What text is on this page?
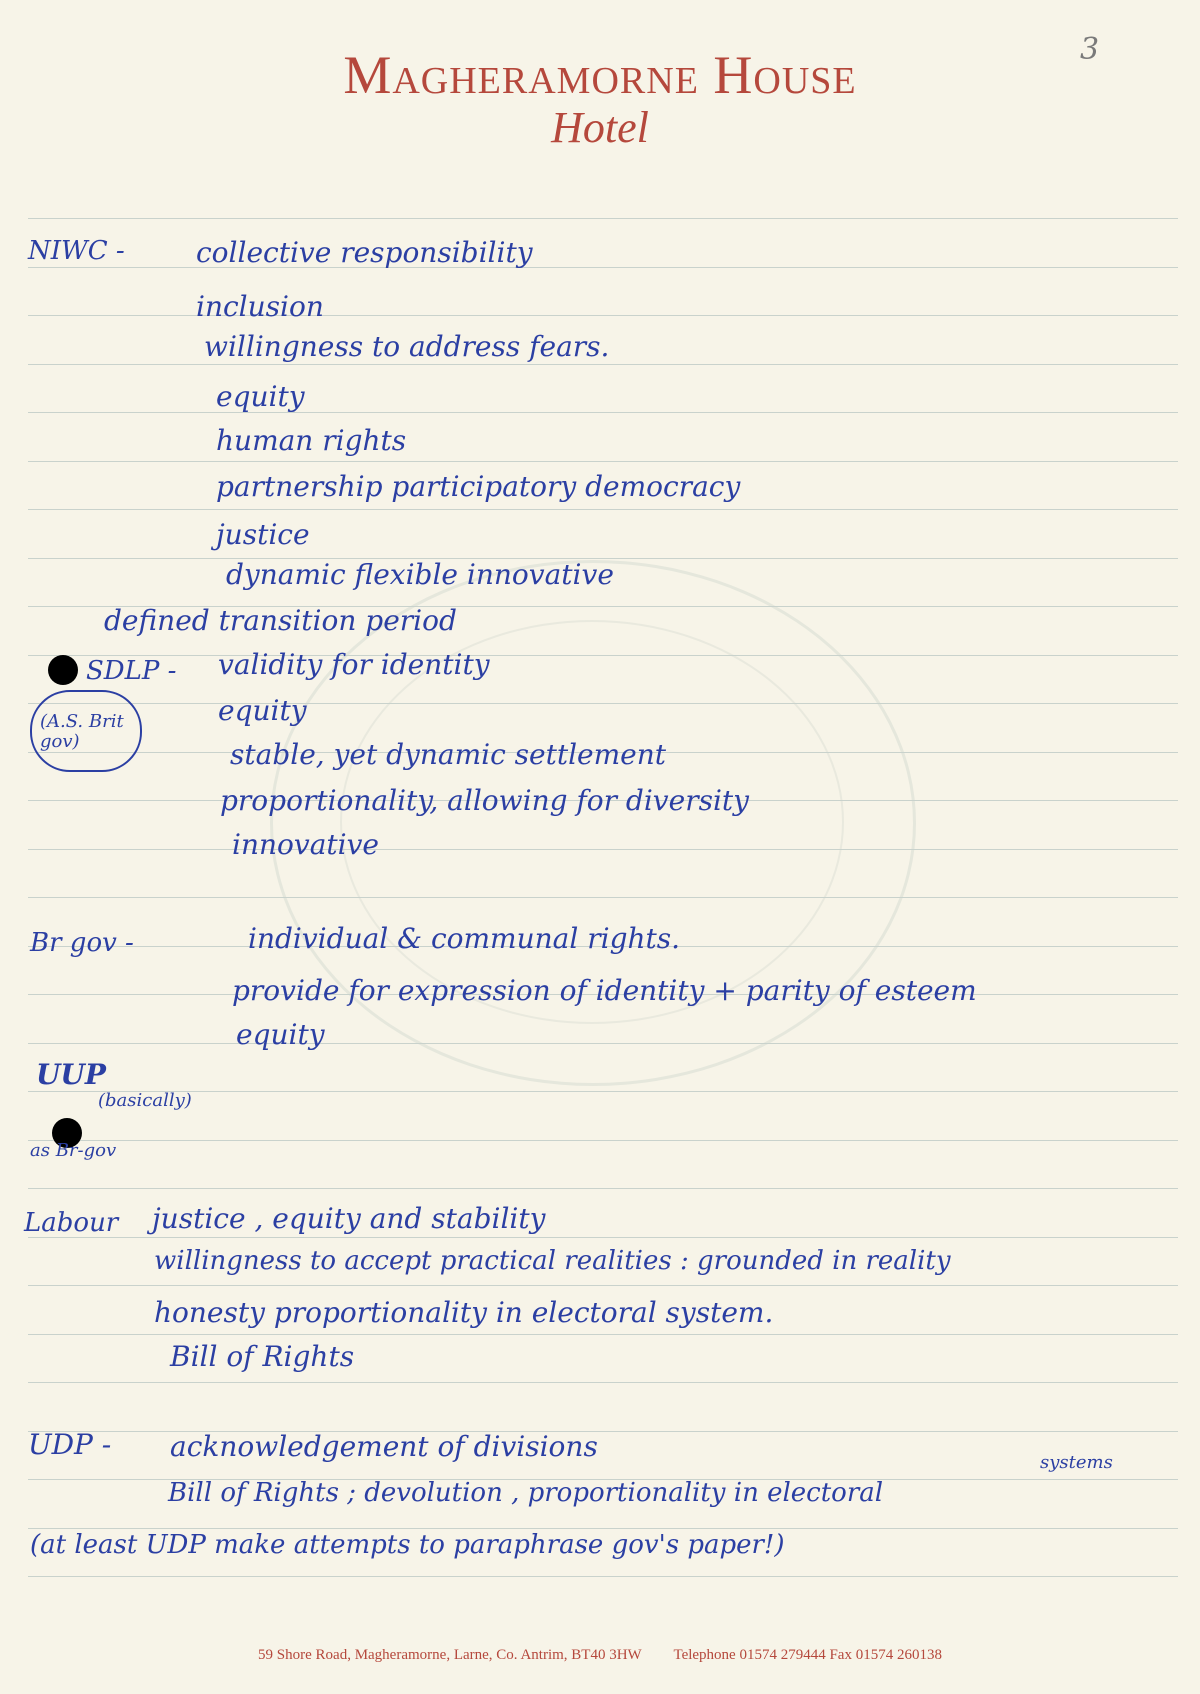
Magheramorne House
Hotel
3
NIWC -	collective responsibility
inclusion
willingness to address fears.
equity
human rights
partnership participatory democracy
justice
dynamic flexible innovative
defined transition period
SDLP -
(A.S. Brit gov)
validity for identity
equity
stable, yet dynamic settlement
proportionality, allowing for diversity
innovative
Br gov -	individual & communal rights.
provide for expression of identity + parity of esteem
equity
UUP
(basically)
as Br-gov
Labour justice , equity and stability
willingness to accept practical realities : grounded in reality
honesty proportionality in electoral system.
Bill of Rights
UDP - acknowledgement of divisions	systems
Bill of Rights ; devolution , proportionality in electoral
(at least UDP make attempts to paraphrase gov's paper!)
59 Shore Road, Magheramorne, Larne, Co. Antrim, BT40 3HW Telephone 01574 279444 Fax 01574 260138
